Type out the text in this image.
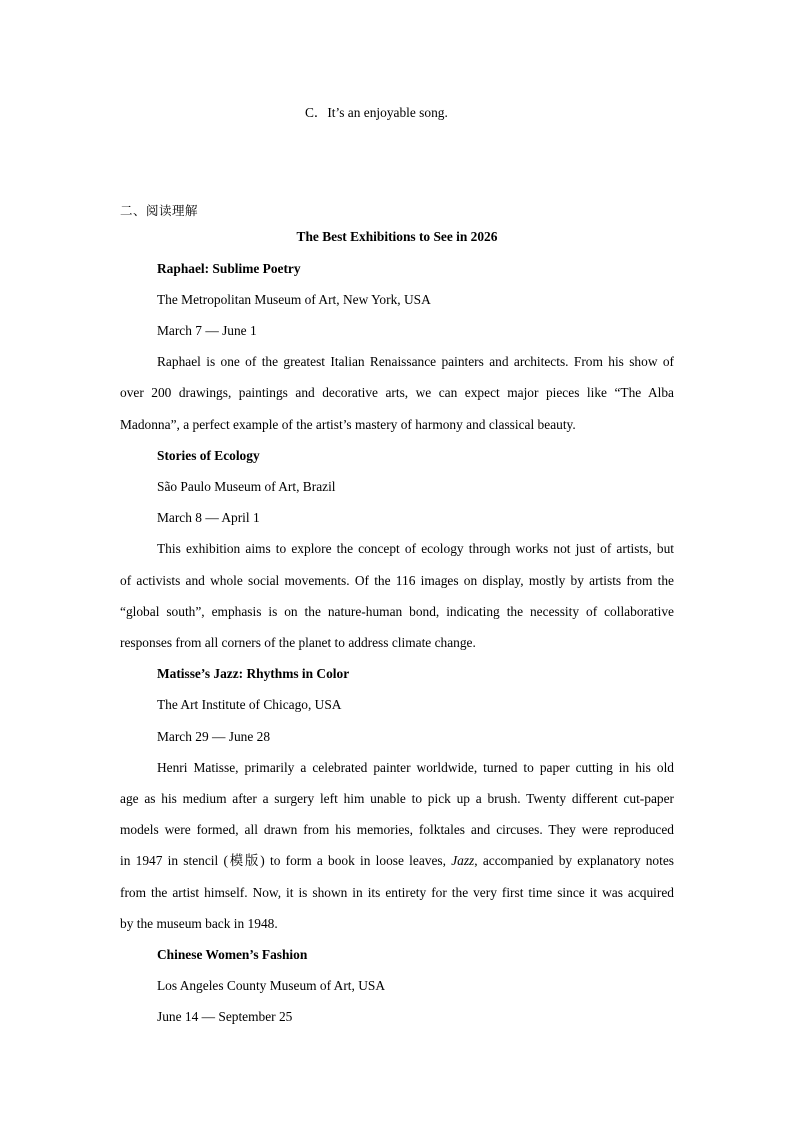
C．It’s an enjoyable song.
二、阅读理解
The Best Exhibitions to See in 2026
Raphael: Sublime Poetry
The Metropolitan Museum of Art, New York, USA
March 7 — June 1
Raphael is one of the greatest Italian Renaissance painters and architects. From his show of
over 200 drawings, paintings and decorative arts, we can expect major pieces like “The Alba
Madonna”, a perfect example of the artist’s mastery of harmony and classical beauty.
Stories of Ecology
São Paulo Museum of Art, Brazil
March 8 — April 1
This exhibition aims to explore the concept of ecology through works not just of artists, but
of activists and whole social movements. Of the 116 images on display, mostly by artists from the
“global south”, emphasis is on the nature-human bond, indicating the necessity of collaborative
responses from all corners of the planet to address climate change.
Matisse’s Jazz: Rhythms in Color
The Art Institute of Chicago, USA
March 29 — June 28
Henri Matisse, primarily a celebrated painter worldwide, turned to paper cutting in his old
age as his medium after a surgery left him unable to pick up a brush. Twenty different cut-paper
models were formed, all drawn from his memories, folktales and circuses. They were reproduced
in 1947 in stencil (模版) to form a book in loose leaves, Jazz, accompanied by explanatory notes
from the artist himself. Now, it is shown in its entirety for the very first time since it was acquired
by the museum back in 1948.
Chinese Women’s Fashion
Los Angeles County Museum of Art, USA
June 14 — September 25
